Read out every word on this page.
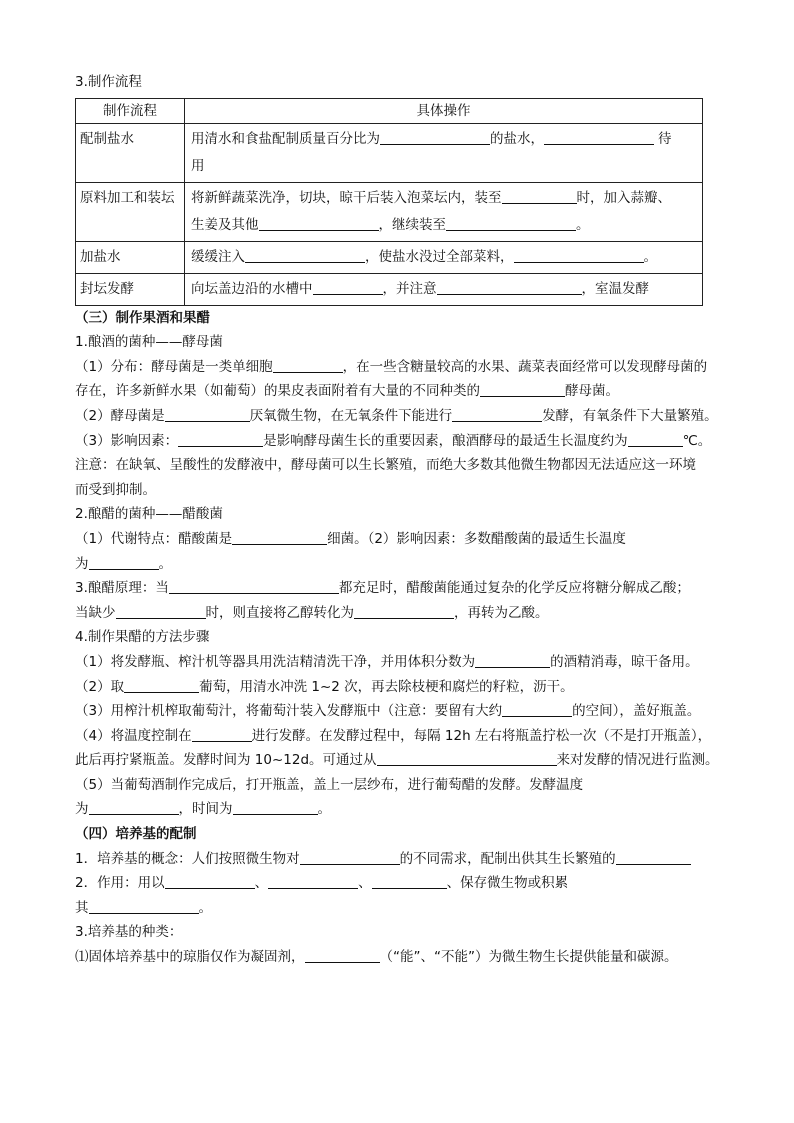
3.制作流程
制作流程	具体操作
配制盐水	用清水和食盐配制质量百分比为 的盐水， 待
用
原料加工和装坛	将新鲜蔬菜洗净，切块，晾干后装入泡菜坛内，装至 时，加入蒜瓣、
生姜及其他 ，继续装至 。
加盐水	缓缓注入 ，使盐水没过全部菜料， 。
封坛发酵	向坛盖边沿的水槽中 ，并注意 ，室温发酵
（三）制作果酒和果醋
1.酿酒的菌种——酵母菌
（1）分布：酵母菌是一类单细胞	，在一些含糖量较高的水果、蔬菜表面经常可以发现酵母菌的
存在，许多新鲜水果（如葡萄）的果皮表面附着有大量的不同种类的	酵母菌。
（2）酵母菌是	厌氧微生物，在无氧条件下能进行	发酵，有氧条件下大量繁殖。
（3）影响因素：	是影响酵母菌生长的重要因素，酿酒酵母的最适生长温度约为	℃。
注意：在缺氧、呈酸性的发酵液中，酵母菌可以生长繁殖，而绝大多数其他微生物都因无法适应这一环境
而受到抑制。
2.酿醋的菌种——醋酸菌
（1）代谢特点：醋酸菌是	细菌。（2）影响因素：多数醋酸菌的最适生长温度
为	。
3.酿醋原理：当	都充足时，醋酸菌能通过复杂的化学反应将糖分解成乙酸；
当缺少	时，则直接将乙醇转化为	，再转为乙酸。
4.制作果醋的方法步骤
（1）将发酵瓶、榨汁机等器具用洗洁精清洗干净，并用体积分数为	的酒精消毒，晾干备用。
（2）取	葡萄，用清水冲洗 1~2 次，再去除枝梗和腐烂的籽粒，沥干。
（3）用榨汁机榨取葡萄汁，将葡萄汁装入发酵瓶中（注意：要留有大约	的空间），盖好瓶盖。
（4）将温度控制在	进行发酵。在发酵过程中，每隔 12h 左右将瓶盖拧松一次（不是打开瓶盖），
此后再拧紧瓶盖。发酵时间为 10~12d。可通过从	来对发酵的情况进行监测。
（5）当葡萄酒制作完成后，打开瓶盖，盖上一层纱布，进行葡萄醋的发酵。发酵温度
为	，时间为	。
（四）培养基的配制
1．培养基的概念：人们按照微生物对	的不同需求，配制出供其生长繁殖的
2．作用：用以	、	、	、保存微生物或积累
其	。
3.培养基的种类：
⑴固体培养基中的琼脂仅作为凝固剂，	（“能”、“不能”）为微生物生长提供能量和碳源。
